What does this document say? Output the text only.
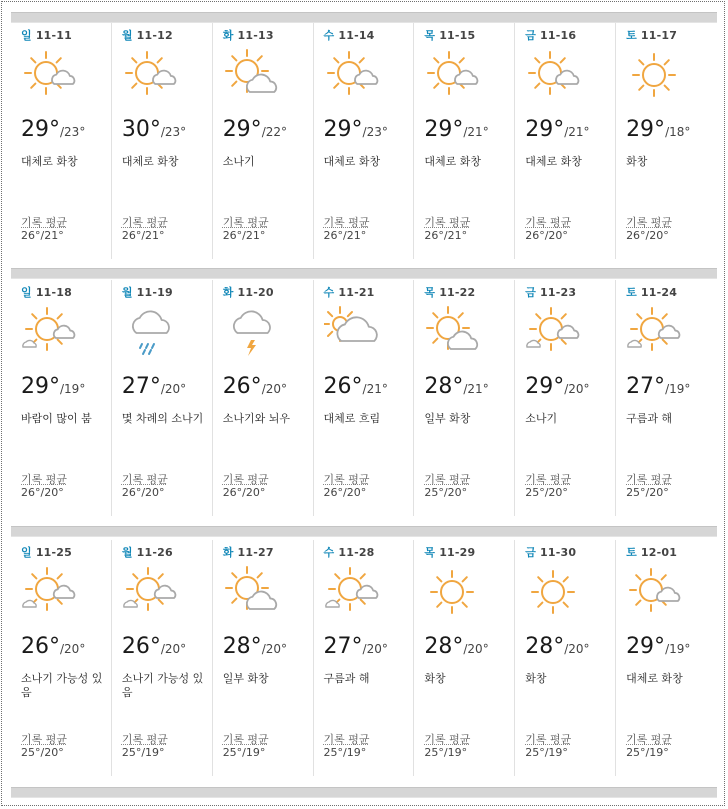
일 11-11
29°/23°
대체로 화창
기록 평균
26°/21°
월 11-12
30°/23°
대체로 화창
기록 평균
26°/21°
화 11-13
29°/22°
소나기
기록 평균
26°/21°
수 11-14
29°/23°
대체로 화창
기록 평균
26°/21°
목 11-15
29°/21°
대체로 화창
기록 평균
26°/21°
금 11-16
29°/21°
대체로 화창
기록 평균
26°/20°
토 11-17
29°/18°
화창
기록 평균
26°/20°
일 11-18
29°/19°
바람이 많이 붐
기록 평균
26°/20°
월 11-19
27°/20°
몇 차례의 소나기
기록 평균
26°/20°
화 11-20
26°/20°
소나기와 뇌우
기록 평균
26°/20°
수 11-21
26°/21°
대체로 흐림
기록 평균
26°/20°
목 11-22
28°/21°
일부 화창
기록 평균
25°/20°
금 11-23
29°/20°
소나기
기록 평균
25°/20°
토 11-24
27°/19°
구름과 해
기록 평균
25°/20°
일 11-25
26°/20°
소나기 가능성 있음
기록 평균
25°/20°
월 11-26
26°/20°
소나기 가능성 있음
기록 평균
25°/19°
화 11-27
28°/20°
일부 화창
기록 평균
25°/19°
수 11-28
27°/20°
구름과 해
기록 평균
25°/19°
목 11-29
28°/20°
화창
기록 평균
25°/19°
금 11-30
28°/20°
화창
기록 평균
25°/19°
토 12-01
29°/19°
대체로 화창
기록 평균
25°/19°
